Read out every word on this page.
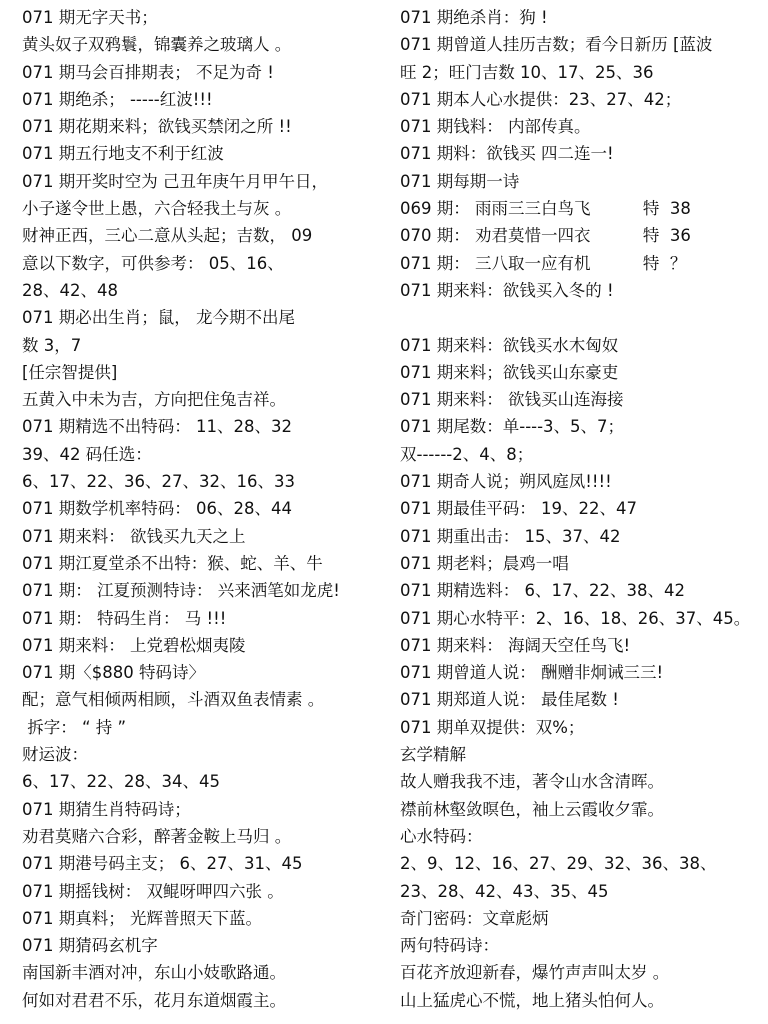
071 期无字天书；
黄头奴子双鸦鬟，锦囊养之玻璃人 。
071 期马会百排期表； 不足为奇 !
071 期绝杀； -----红波!!!
071 期花期来料；欲钱买禁闭之所 !!
071 期五行地支不利于红波
071 期开奖时空为 己丑年庚午月甲午日，
小子遂令世上愚，六合轻我土与灰 。
财神正西，三心二意从头起；吉数， 09
意以下数字，可供参考： 05、16、
28、42、48
071 期必出生肖；鼠， 龙今期不出尾
数 3，7
[任宗智提供]
五黄入中未为吉，方向把住兔吉祥。
071 期精选不出特码： 11、28、32
39、42 码任选：
6、17、22、36、27、32、16、33
071 期数学机率特码： 06、28、44
071 期来料： 欲钱买九天之上
071 期江夏堂杀不出特：猴、蛇、羊、牛
071 期： 江夏预测特诗： 兴来洒笔如龙虎!
071 期： 特码生肖： 马 !!!
071 期来料： 上党碧松烟夷陵
071 期〈$880 特码诗〉
配；意气相倾两相顾，斗酒双鱼表情素 。
拆字： “ 持 ”
财运波：
6、17、22、28、34、45
071 期猜生肖特码诗；
劝君莫赌六合彩，醉著金鞍上马归 。
071 期港号码主支； 6、27、31、45
071 期摇钱树： 双鲲呀呷四六张 。
071 期真料； 光辉普照天下蓝。
071 期猜码玄机字
南国新丰酒对冲，东山小妓歌路通。
何如对君君不乐，花月东道烟霞主。
071 期绝杀肖：狗 !
071 期曾道人挂历吉数；看今日新历 [蓝波
旺 2；旺门吉数 10、17、25、36
071 期本人心水提供：23、27、42；
071 期钱料： 内部传真。
071 期料：欲钱买 四二连一!
071 期每期一诗
069 期： 雨雨三三白鸟飞          特  38
070 期： 劝君莫惜一四衣          特  36
071 期： 三八取一应有机          特  ？
071 期来料：欲钱买入冬的 !
071 期来料：欲钱买水木匈奴
071 期来料；欲钱买山东豪吏
071 期来料： 欲钱买山连海接
071 期尾数：单----3、5、7；
双------2、4、8；
071 期奇人说；朔风庭凤!!!!
071 期最佳平码： 19、22、47
071 期重出击： 15、37、42
071 期老料；晨鸡一唱
071 期精选料： 6、17、22、38、42
071 期心水特平：2、16、18、26、37、45。
071 期来料： 海阔天空任鸟飞!
071 期曾道人说： 酬赠非炯诫三三!
071 期郑道人说： 最佳尾数 !
071 期单双提供：双%；
玄学精解
故人赠我我不违，著令山水含清晖。
襟前林壑敛暝色，袖上云霞收夕霏。
心水特码：
2、9、12、16、27、29、32、36、38、
23、28、42、43、35、45
奇门密码：文章彪炳
两句特码诗：
百花齐放迎新春，爆竹声声叫太岁 。
山上猛虎心不慌，地上猪头怕何人。
